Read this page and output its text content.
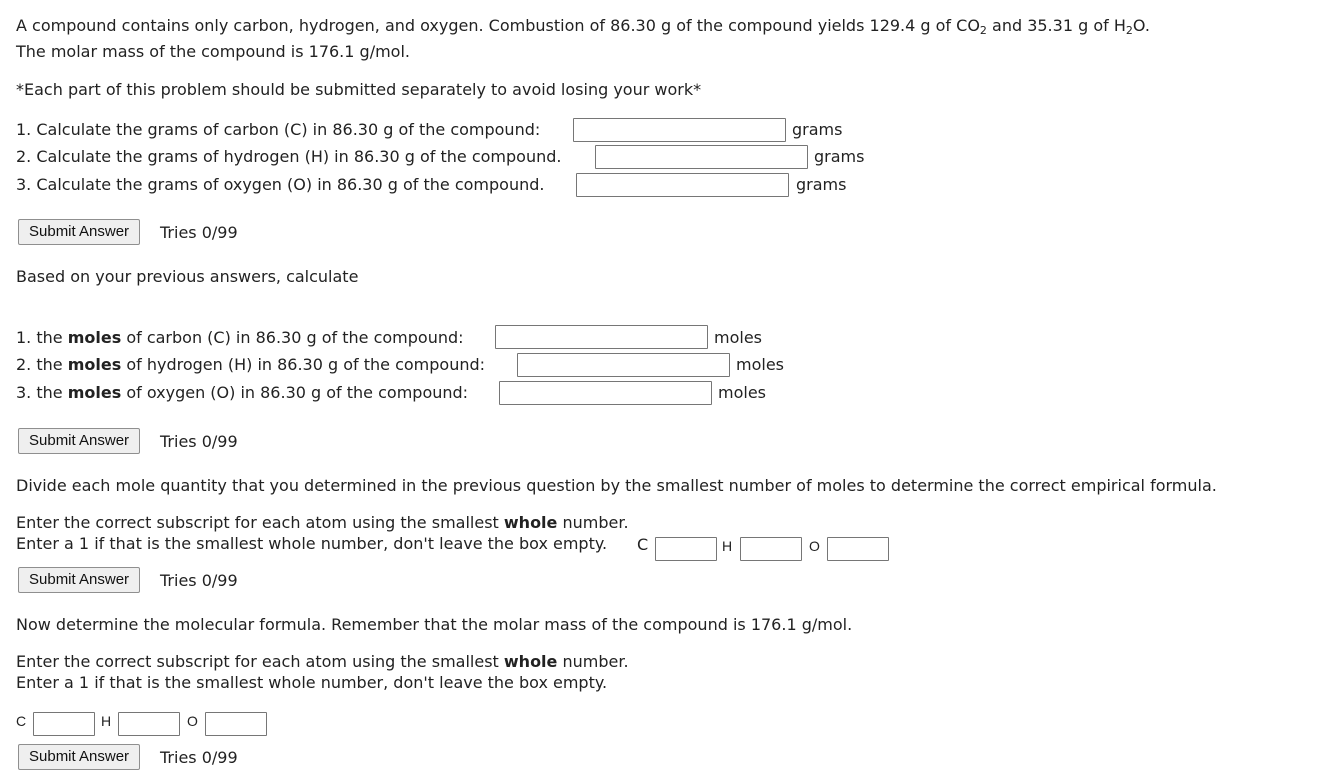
A compound contains only carbon, hydrogen, and oxygen. Combustion of 86.30 g of the compound yields 129.4 g of $CO_2$ and 35.31 g of $H_2O$.
The molar mass of the compound is 176.1 g/mol.
*Each part of this problem should be submitted separately to avoid losing your work*
1. Calculate the grams of carbon (C) in 86.30 g of the compound:	grams
2. Calculate the grams of hydrogen (H) in 86.30 g of the compound.	grams
3. Calculate the grams of oxygen (O) in 86.30 g of the compound.	grams
Submit Answer	Tries 0/99
Based on your previous answers, calculate
1. the moles of carbon (C) in 86.30 g of the compound:	moles
2. the moles of hydrogen (H) in 86.30 g of the compound:	moles
3. the moles of oxygen (O) in 86.30 g of the compound:	moles
Submit Answer	Tries 0/99
Divide each mole quantity that you determined in the previous question by the smallest number of moles to determine the correct empirical formula.
Enter the correct subscript for each atom using the smallest whole number.
Enter a 1 if that is the smallest whole number, don't leave the box empty. C	H	O
Submit Answer	Tries 0/99
Now determine the molecular formula. Remember that the molar mass of the compound is 176.1 g/mol.
Enter the correct subscript for each atom using the smallest whole number.
Enter a 1 if that is the smallest whole number, don't leave the box empty.
C	H	O
Submit Answer	Tries 0/99
